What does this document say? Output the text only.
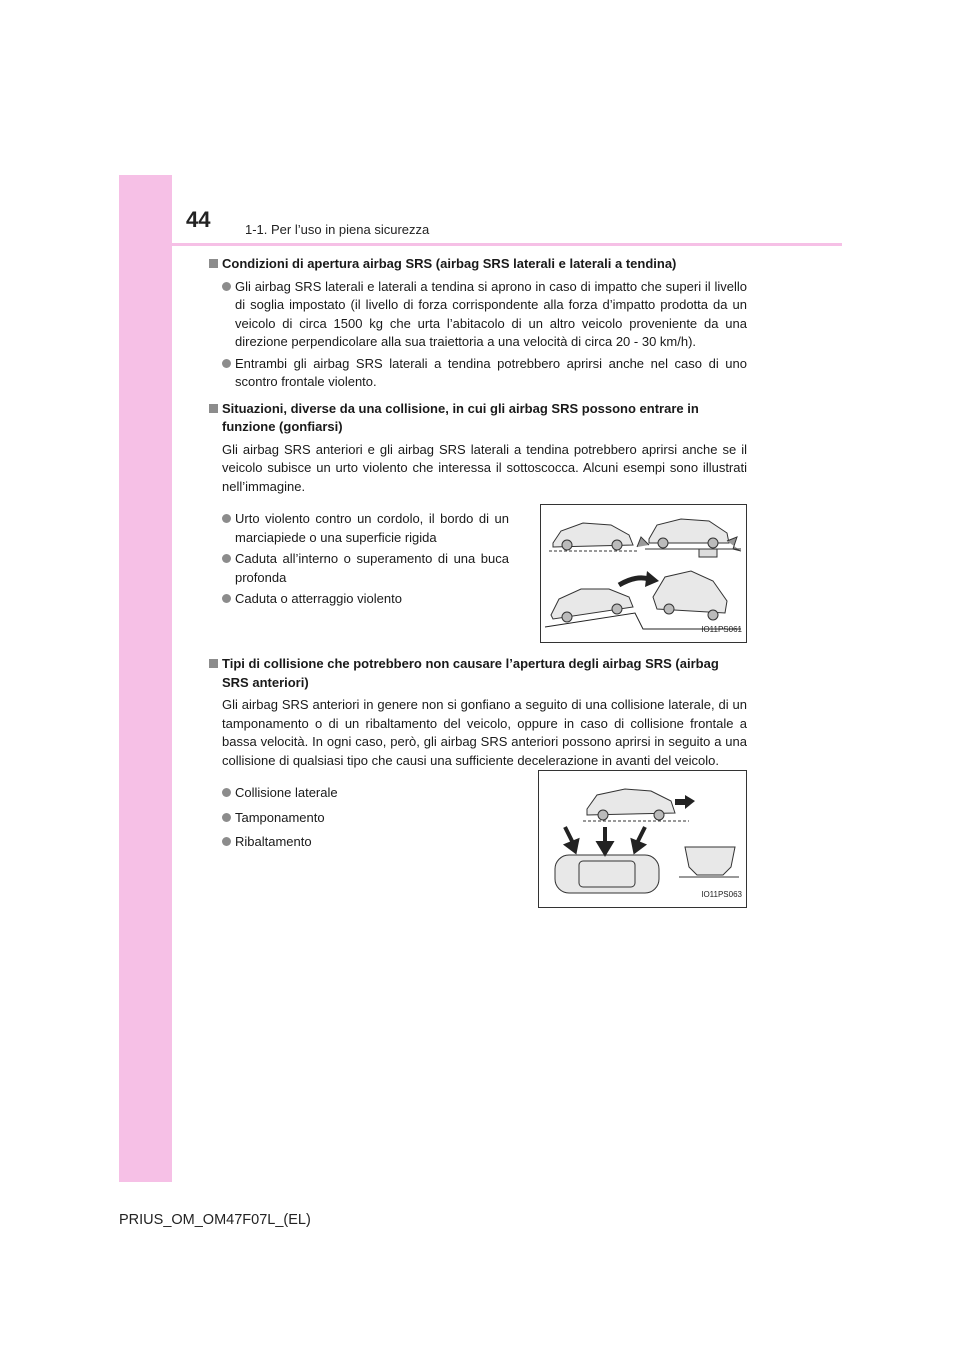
44	1-1. Per l’uso in piena sicurezza
Condizioni di apertura airbag SRS (airbag SRS laterali e laterali a tendina)
Gli airbag SRS laterali e laterali a tendina si aprono in caso di impatto che superi il livello di soglia impostato (il livello di forza corrispondente alla forza d’impatto prodotta da un veicolo di circa 1500 kg che urta l’abitacolo di un altro veicolo proveniente da una direzione perpendicolare alla sua traiettoria a una velocità di circa 20 - 30 km/h).
Entrambi gli airbag SRS laterali a tendina potrebbero aprirsi anche nel caso di uno scontro frontale violento.
Situazioni, diverse da una collisione, in cui gli airbag SRS possono entrare in funzione (gonfiarsi)
Gli airbag SRS anteriori e gli airbag SRS laterali a tendina potrebbero aprirsi anche se il veicolo subisce un urto violento che interessa il sottoscocca. Alcuni esempi sono illustrati nell’immagine.
Urto violento contro un cordolo, il bordo di un marciapiede o una superficie rigida
Caduta all’interno o superamento di una buca profonda
Caduta o atterraggio violento
IO11PS061
Tipi di collisione che potrebbero non causare l’apertura degli airbag SRS (airbag SRS anteriori)
Gli airbag SRS anteriori in genere non si gonfiano a seguito di una collisione laterale, di un tamponamento o di un ribaltamento del veicolo, oppure in caso di collisione frontale a bassa velocità. In ogni caso, però, gli airbag SRS anteriori possono aprirsi in seguito a una collisione di qualsiasi tipo che causi una sufficiente decelerazione in avanti del veicolo.
Collisione laterale
Tamponamento
Ribaltamento
IO11PS063
PRIUS_OM_OM47F07L_(EL)
